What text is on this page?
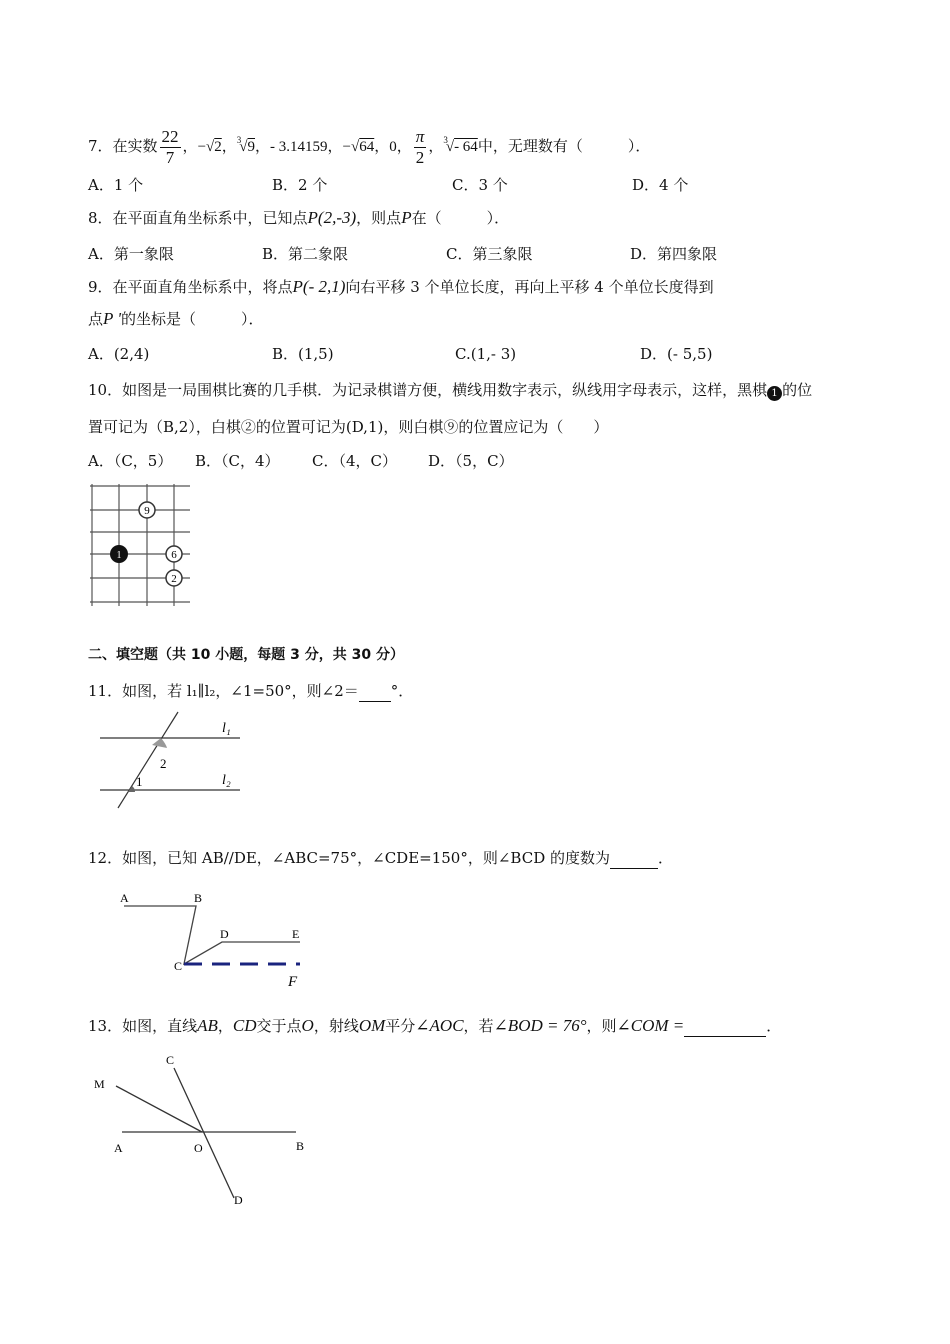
7．在实数 $\frac{22}{7}$ ，−√2，$^3$√9，- 3.14159，−√64，0， $\frac{\pi}{2}$ ，$^3$√- 64中，无理数有（　　　）．
A．1 个	B．2 个	C．3 个	D．4 个
8．在平面直角坐标系中，已知点P(2,-3)，则点P在（　　　）．
A．第一象限	B．第二象限	C．第三象限	D．第四象限
9．在平面直角坐标系中，将点P(- 2,1)向右平移 3 个单位长度，再向上平移 4 个单位长度得到
点P '的坐标是（　　　）．
A．(2,4)	B．(1,5)	C.(1,- 3)	D．(- 5,5)
10．如图是一局围棋比赛的几手棋．为记录棋谱方便，横线用数字表示，纵线用字母表示，这样，黑棋 1 的位
置可记为（B,2），白棋②的位置可记为(D,1)，则白棋⑨的位置应记为（　　）
A．（C，5） B．（C，4） C．（4，C） D．（5，C）
9
1	6
2
二、填空题（共 10 小题，每题 3 分，共 30 分）
11．如图，若 l₁∥l₂，∠1=50°，则∠2＝ °．
l₁
l₂
1
2
12．如图，已知 AB//DE，∠ABC=75°，∠CDE=150°，则∠BCD 的度数为	．
A	B
C
D	E
F
13．如图，直线AB，CD交于点O，射线OM平分∠AOC，若∠BOD = 76°，则∠COM =	．
C
M
A	O	B
D
